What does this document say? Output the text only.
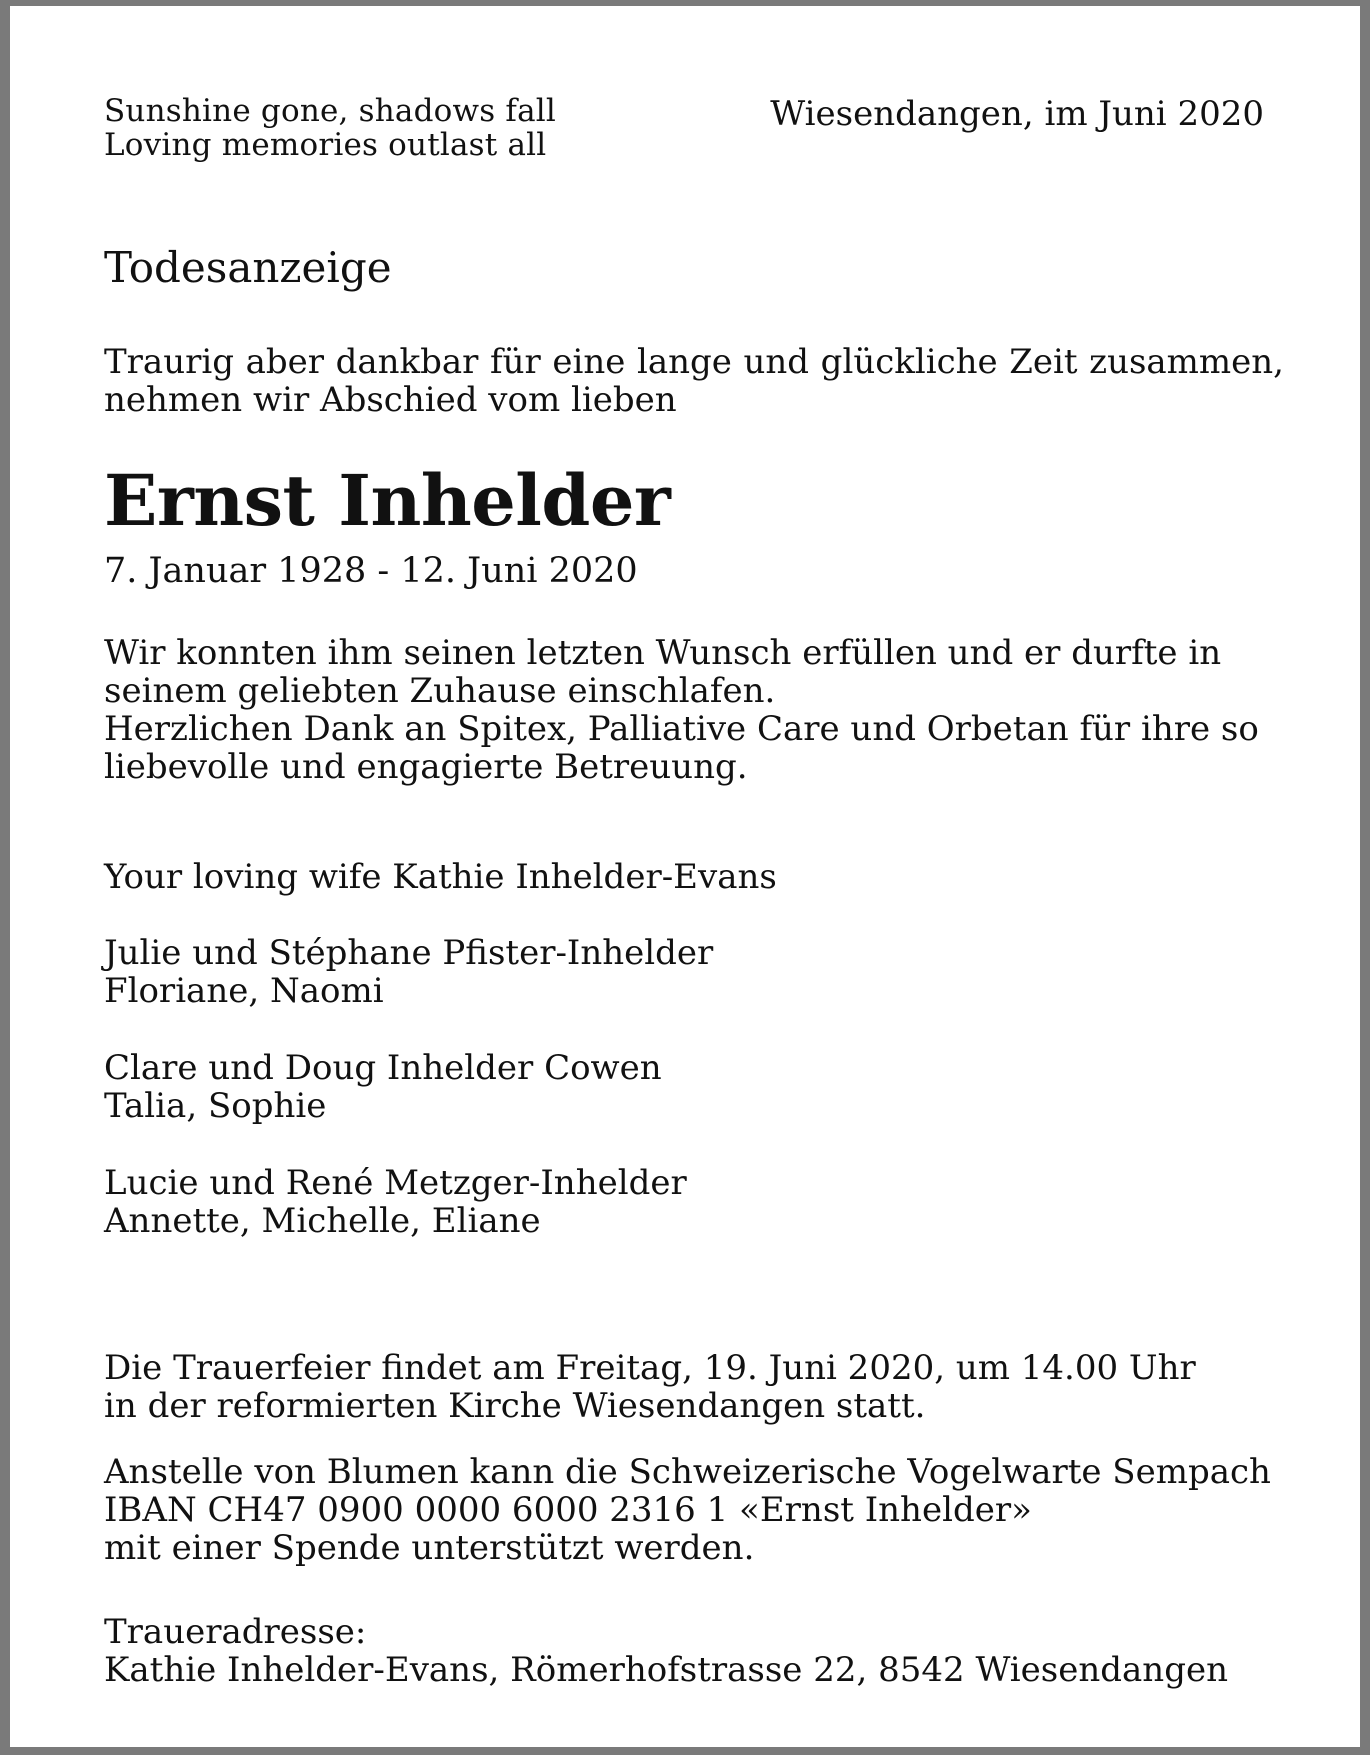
Sunshine gone, shadows fall
Loving memories outlast all
Wiesendangen, im Juni 2020
Todesanzeige
Traurig aber dankbar für eine lange und glückliche Zeit zusammen,
nehmen wir Abschied vom lieben
Ernst Inhelder
7. Januar 1928 - 12. Juni 2020
Wir konnten ihm seinen letzten Wunsch erfüllen und er durfte in
seinem geliebten Zuhause einschlafen.
Herzlichen Dank an Spitex, Palliative Care und Orbetan für ihre so
liebevolle und engagierte Betreuung.
Your loving wife Kathie Inhelder-Evans
Julie und Stéphane Pfister-Inhelder
Floriane, Naomi
Clare und Doug Inhelder Cowen
Talia, Sophie
Lucie und René Metzger-Inhelder
Annette, Michelle, Eliane
Die Trauerfeier findet am Freitag, 19. Juni 2020, um 14.00 Uhr
in der reformierten Kirche Wiesendangen statt.
Anstelle von Blumen kann die Schweizerische Vogelwarte Sempach
IBAN CH47 0900 0000 6000 2316 1 «Ernst Inhelder»
mit einer Spende unterstützt werden.
Traueradresse:
Kathie Inhelder-Evans, Römerhofstrasse 22, 8542 Wiesendangen
